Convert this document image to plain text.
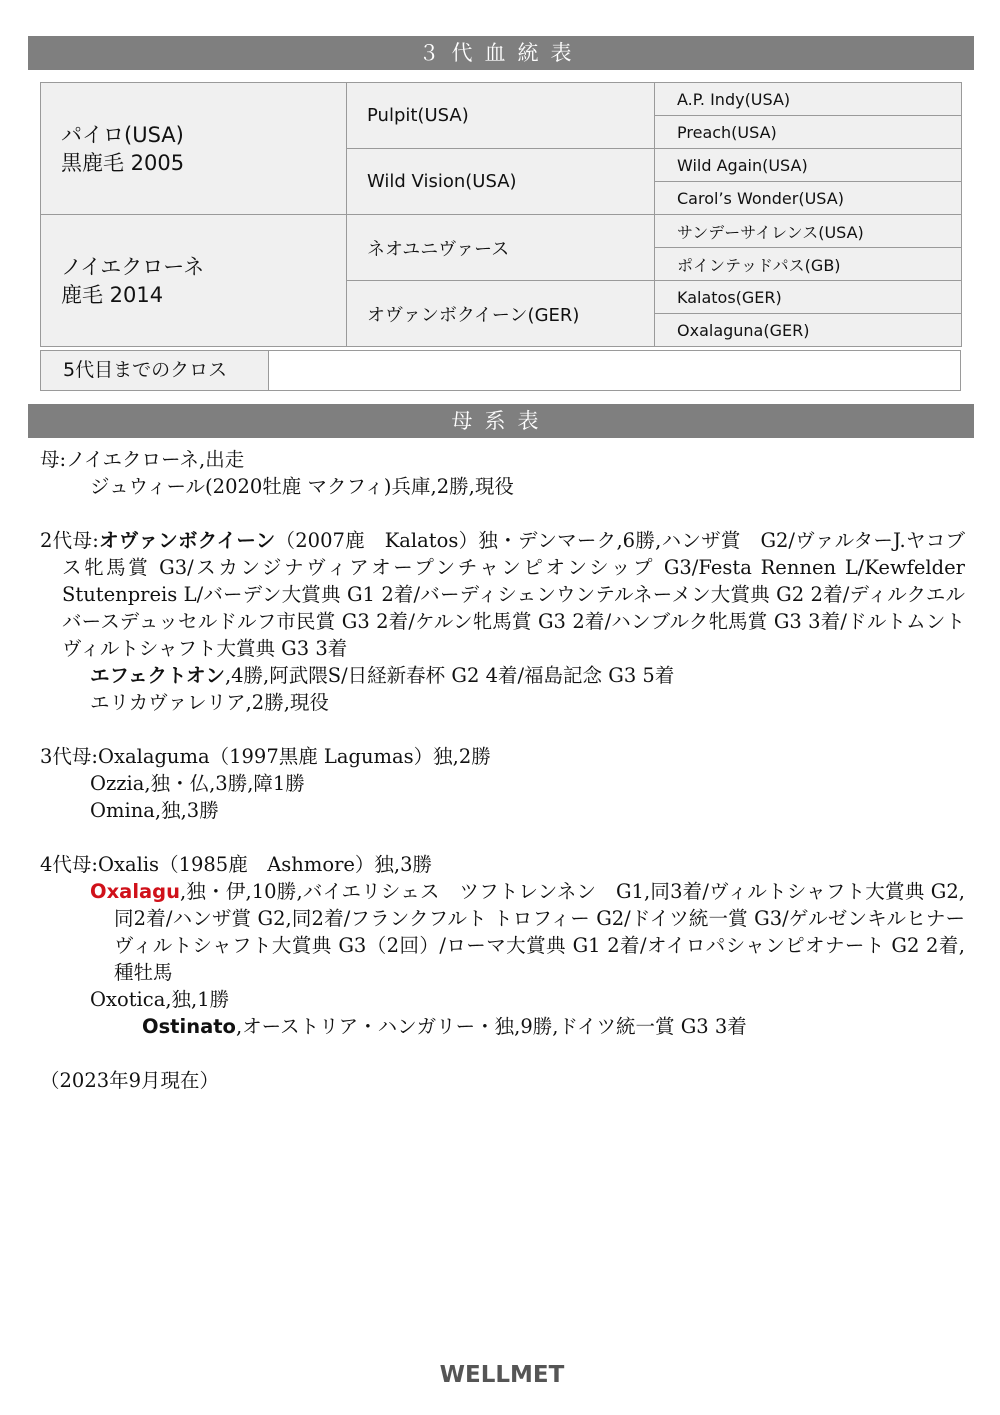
３代血統表
パイロ(USA)
黒鹿毛 2005	Pulpit(USA)	A.P. Indy(USA)
		Preach(USA)
	Wild Vision(USA)	Wild Again(USA)
		Carol’s Wonder(USA)

ノイエクローネ
鹿毛 2014	ネオユニヴァース	サンデーサイレンス(USA)
		ポインテッドパス(GB)
	オヴァンボクイーン(GER)	Kalatos(GER)
		Oxalaguna(GER)
5代目までのクロス
母系表

母:ノイエクローネ,出走

ジュウィール(2020牡鹿 マクフィ)兵庫,2勝,現役

2代母:オヴァンボクイーン（2007鹿　Kalatos）独・デンマーク,6勝,ハンザ賞　G2/ヴァルターJ.ヤコブス牝馬賞 G3/スカンジナヴィアオープンチャンピオンシップ G3/Festa Rennen L/Kewfelder Stutenpreis L/バーデン大賞典 G1 2着/バーディシェンウンテルネーメン大賞典 G2 2着/ディルクエルバースデュッセルドルフ市民賞 G3 2着/ケルン牝馬賞 G3 2着/ハンブルク牝馬賞 G3 3着/ドルトムントヴィルトシャフト大賞典 G3 3着

エフェクトオン,4勝,阿武隈S/日経新春杯 G2 4着/福島記念 G3 5着

エリカヴァレリア,2勝,現役

3代母:Oxalaguma（1997黒鹿 Lagumas）独,2勝

Ozzia,独・仏,3勝,障1勝

Omina,独,3勝

4代母:Oxalis（1985鹿　Ashmore）独,3勝

Oxalagu,独・伊,10勝,バイエリシェス　ツフトレンネン　G1,同3着/ヴィルトシャフト大賞典 G2,同2着/ハンザ賞 G2,同2着/フランクフルト トロフィー G2/ドイツ統一賞 G3/ゲルゼンキルヒナー ヴィルトシャフト大賞典 G3（2回）/ローマ大賞典 G1 2着/オイロパシャンピオナート G2 2着,種牡馬

Oxotica,独,1勝

Ostinato,オーストリア・ハンガリー・独,9勝,ドイツ統一賞 G3 3着

（2023年9月現在）

WELLMET
